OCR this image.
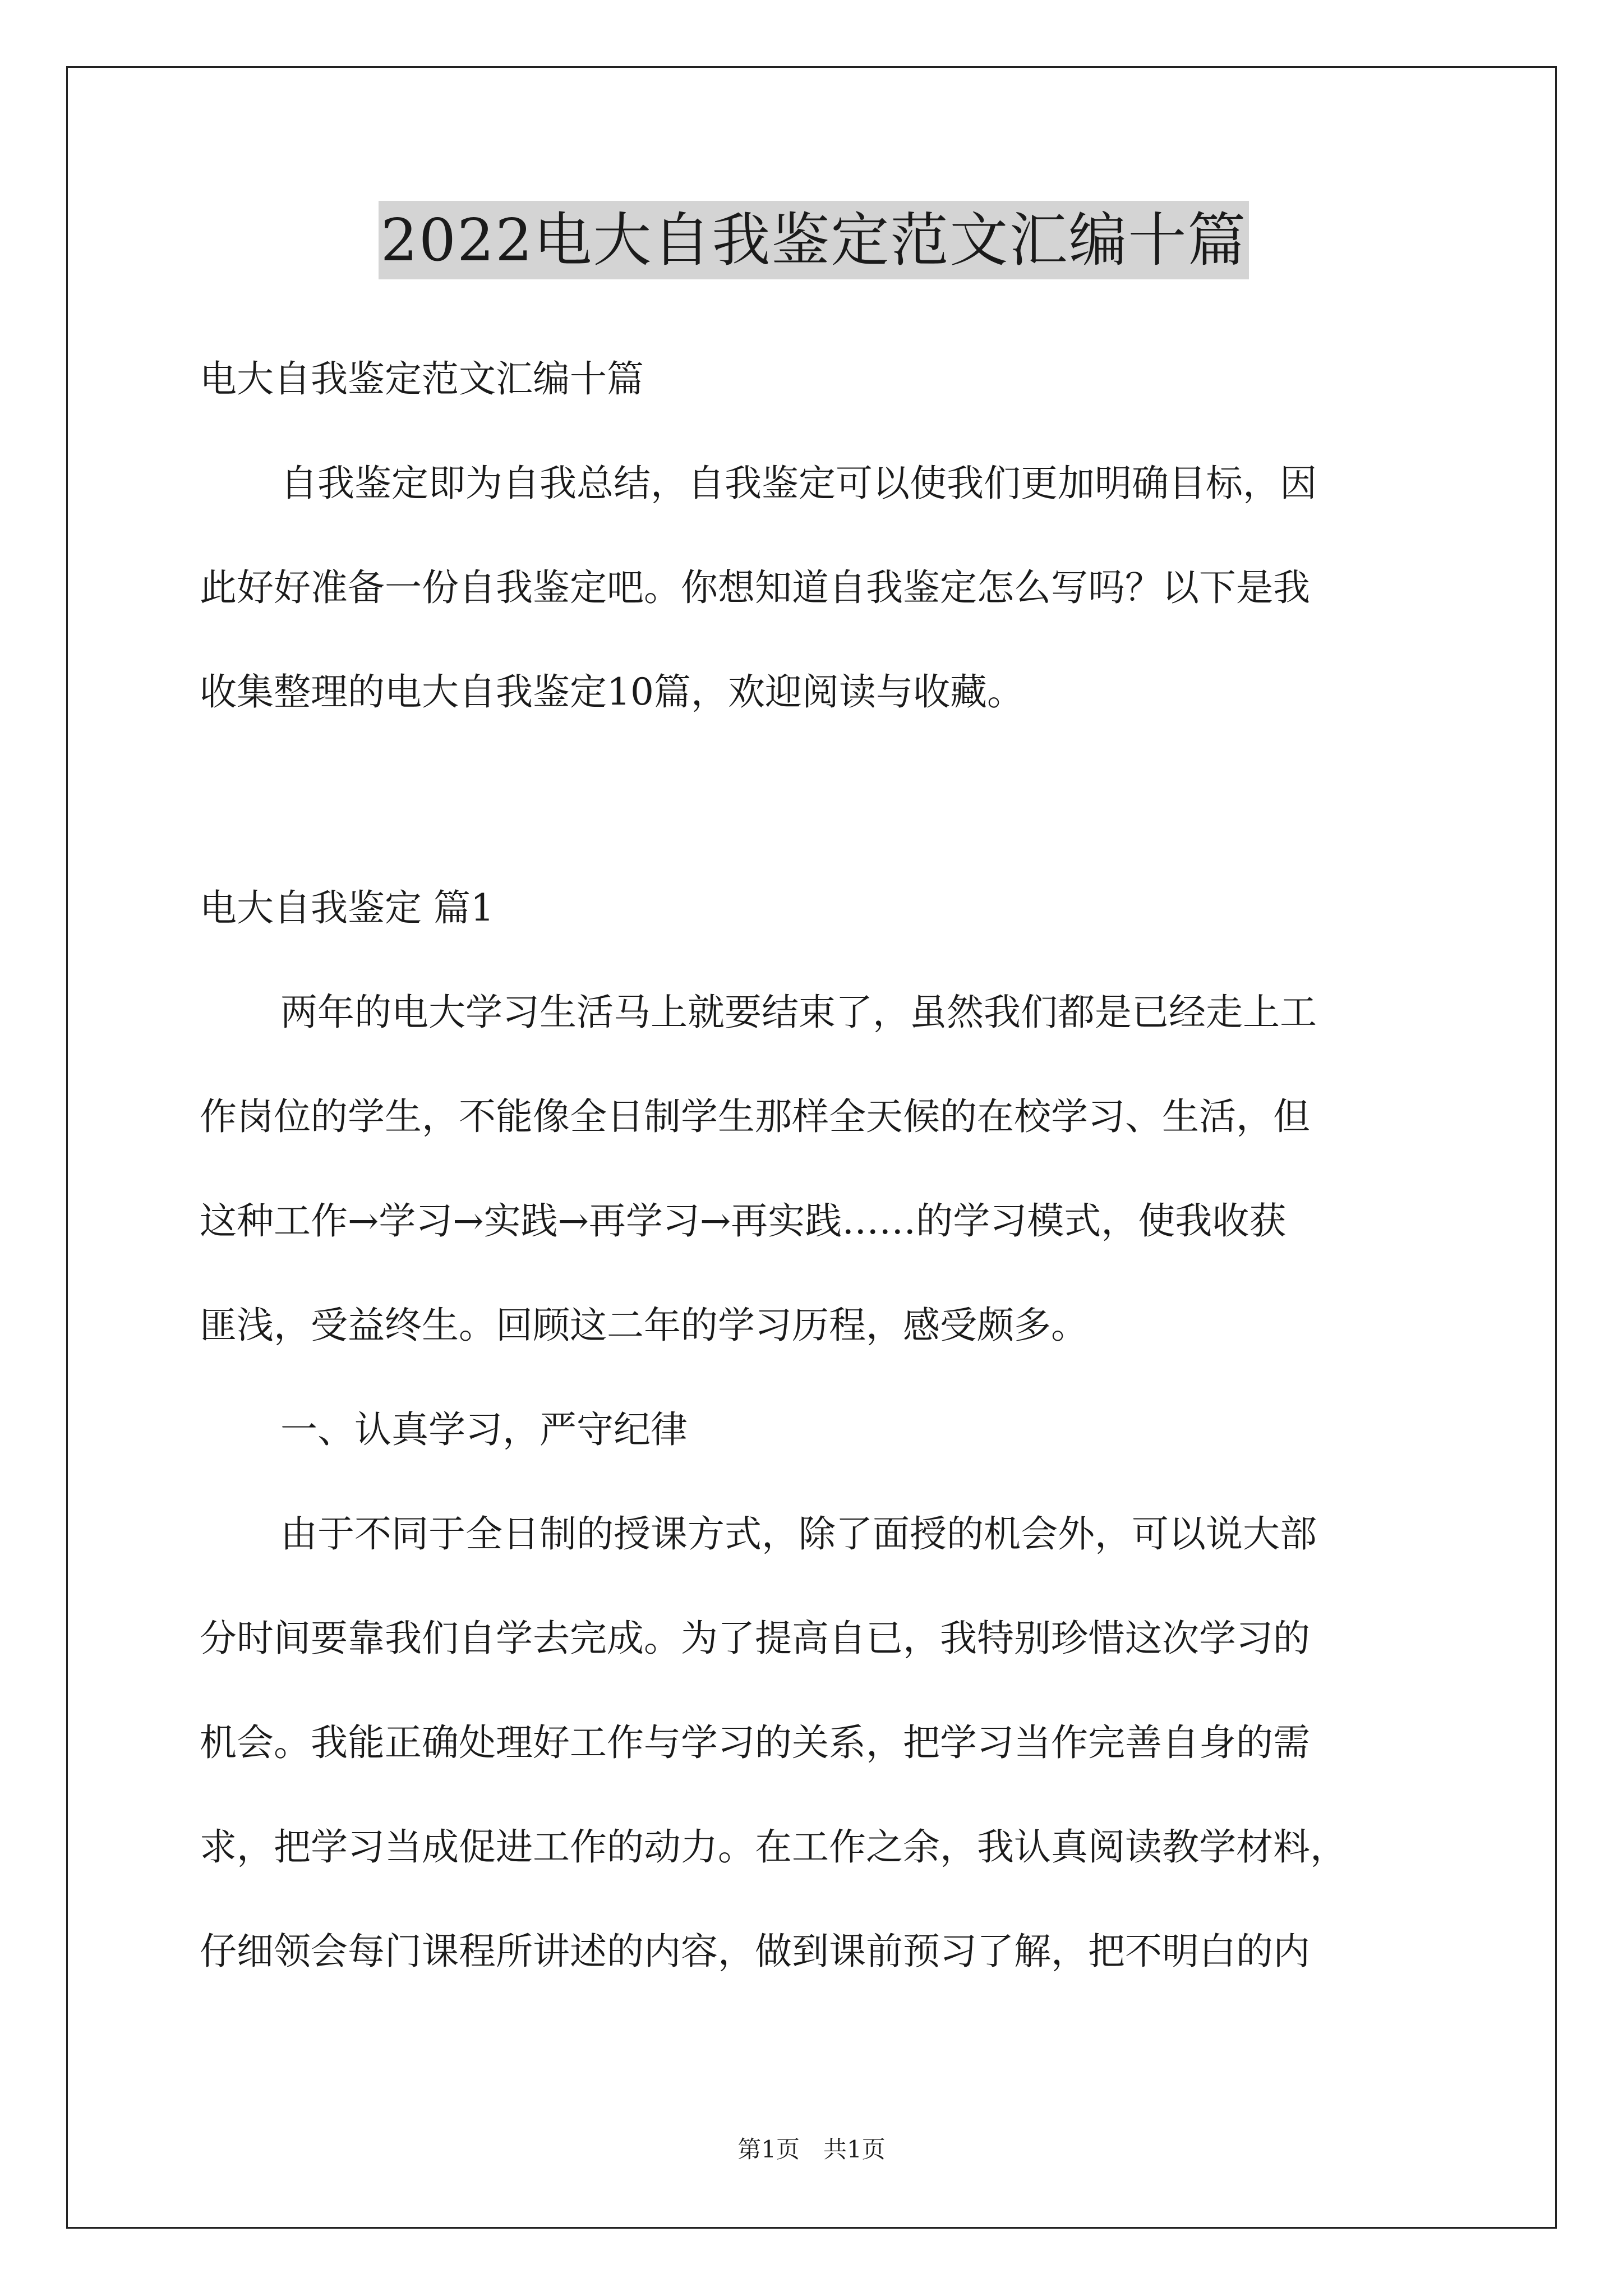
2022电大自我鉴定范文汇编十篇
电大自我鉴定范文汇编十篇
自我鉴定即为自我总结，自我鉴定可以使我们更加明确目标，因
此好好准备一份自我鉴定吧。你想知道自我鉴定怎么写吗？以下是我
收集整理的电大自我鉴定10篇，欢迎阅读与收藏。
电大自我鉴定 篇1
两年的电大学习生活马上就要结束了，虽然我们都是已经走上工
作岗位的学生，不能像全日制学生那样全天候的在校学习、生活，但
这种工作→学习→实践→再学习→再实践……的学习模式，使我收获
匪浅，受益终生。回顾这二年的学习历程，感受颇多。
一、认真学习，严守纪律
由于不同于全日制的授课方式，除了面授的机会外，可以说大部
分时间要靠我们自学去完成。为了提高自已，我特别珍惜这次学习的
机会。我能正确处理好工作与学习的关系，把学习当作完善自身的需
求，把学习当成促进工作的动力。在工作之余，我认真阅读教学材料，
仔细领会每门课程所讲述的内容，做到课前预习了解，把不明白的内
第1页　共1页
